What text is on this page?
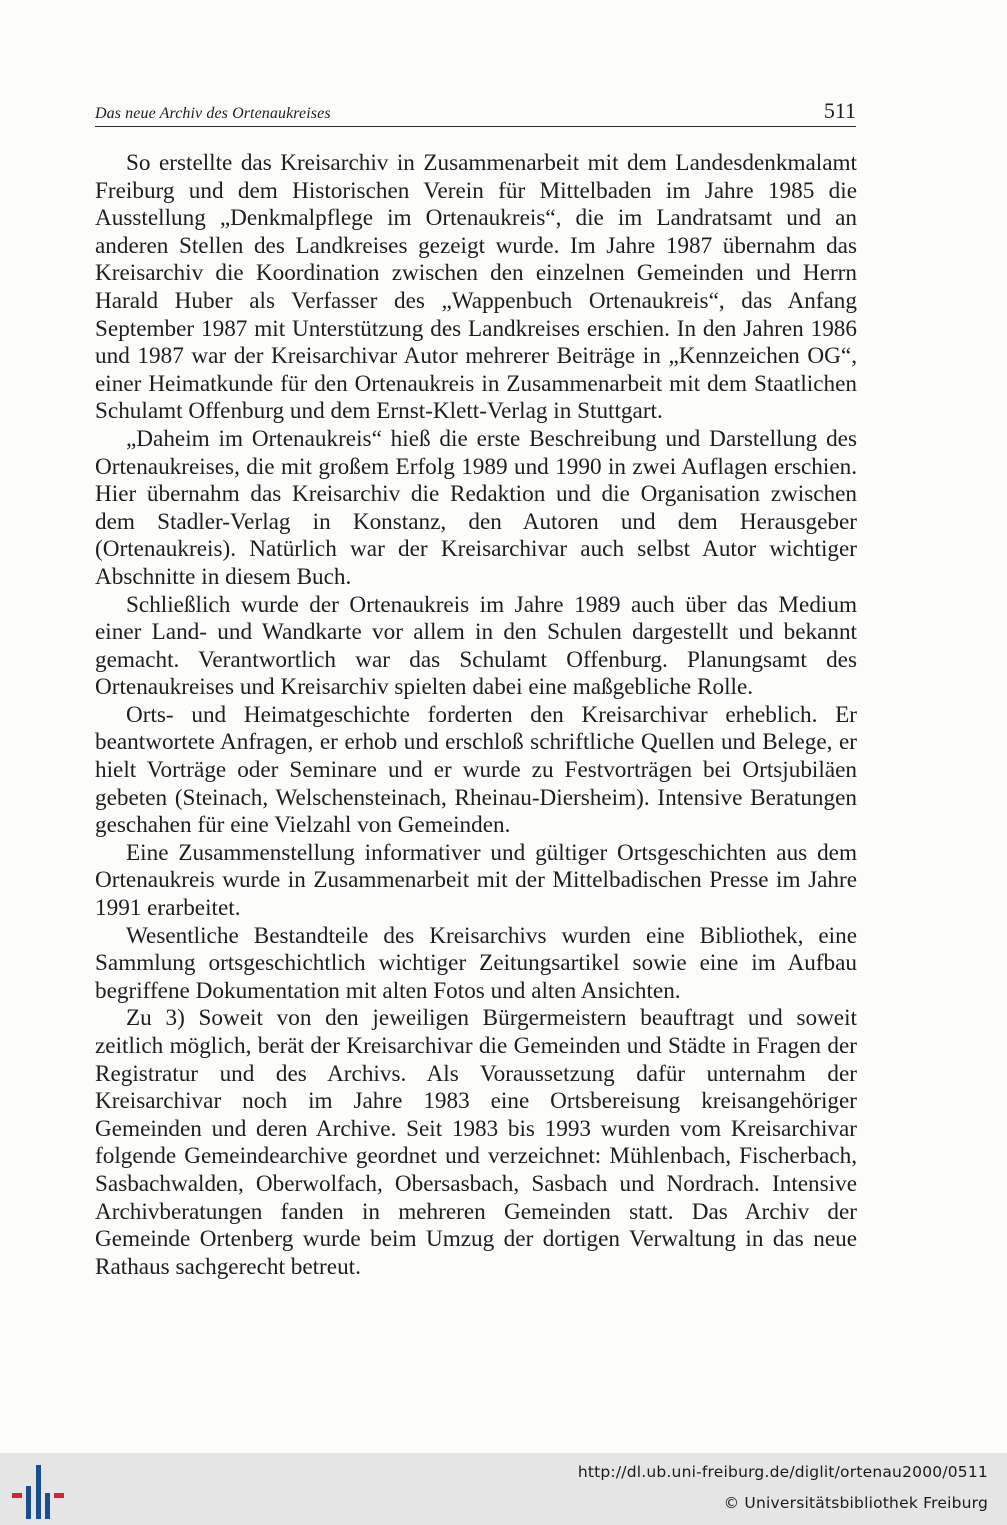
Das neue Archiv des Ortenaukreises	511

So erstellte das Kreisarchiv in Zusammenarbeit mit dem Landesdenkmalamt Freiburg und dem Historischen Verein für Mittelbaden im Jahre 1985 die Ausstellung „Denkmalpflege im Ortenaukreis“, die im Landratsamt und an anderen Stellen des Landkreises gezeigt wurde. Im Jahre 1987 übernahm das Kreisarchiv die Koordination zwischen den einzelnen Gemeinden und Herrn Harald Huber als Verfasser des „Wappenbuch Ortenaukreis“, das Anfang September 1987 mit Unterstützung des Landkreises erschien. In den Jahren 1986 und 1987 war der Kreisarchivar Autor mehrerer Beiträge in „Kennzeichen OG“, einer Heimatkunde für den Ortenaukreis in Zusammenarbeit mit dem Staatlichen Schulamt Offenburg und dem Ernst-Klett-Verlag in Stuttgart.

„Daheim im Ortenaukreis“ hieß die erste Beschreibung und Darstellung des Ortenaukreises, die mit großem Erfolg 1989 und 1990 in zwei Auflagen erschien. Hier übernahm das Kreisarchiv die Redaktion und die Organisation zwischen dem Stadler-Verlag in Konstanz, den Autoren und dem Herausgeber (Ortenaukreis). Natürlich war der Kreisarchivar auch selbst Autor wichtiger Abschnitte in diesem Buch.

Schließlich wurde der Ortenaukreis im Jahre 1989 auch über das Medium einer Land- und Wandkarte vor allem in den Schulen dargestellt und bekannt gemacht. Verantwortlich war das Schulamt Offenburg. Planungsamt des Ortenaukreises und Kreisarchiv spielten dabei eine maßgebliche Rolle.

Orts- und Heimatgeschichte forderten den Kreisarchivar erheblich. Er beantwortete Anfragen, er erhob und erschloß schriftliche Quellen und Belege, er hielt Vorträge oder Seminare und er wurde zu Festvorträgen bei Ortsjubiläen gebeten (Steinach, Welschensteinach, Rheinau-Diersheim). Intensive Beratungen geschahen für eine Vielzahl von Gemeinden.

Eine Zusammenstellung informativer und gültiger Ortsgeschichten aus dem Ortenaukreis wurde in Zusammenarbeit mit der Mittelbadischen Presse im Jahre 1991 erarbeitet.

Wesentliche Bestandteile des Kreisarchivs wurden eine Bibliothek, eine Sammlung ortsgeschichtlich wichtiger Zeitungsartikel sowie eine im Aufbau begriffene Dokumentation mit alten Fotos und alten Ansichten.

Zu 3) Soweit von den jeweiligen Bürgermeistern beauftragt und soweit zeitlich möglich, berät der Kreisarchivar die Gemeinden und Städte in Fragen der Registratur und des Archivs. Als Voraussetzung dafür unternahm der Kreisarchivar noch im Jahre 1983 eine Ortsbereisung kreisangehöriger Gemeinden und deren Archive. Seit 1983 bis 1993 wurden vom Kreisarchivar folgende Gemeindearchive geordnet und verzeichnet: Mühlenbach, Fischerbach, Sasbachwalden, Oberwolfach, Obersasbach, Sasbach und Nordrach. Intensive Archivberatungen fanden in mehreren Gemeinden statt. Das Archiv der Gemeinde Ortenberg wurde beim Umzug der dortigen Verwaltung in das neue Rathaus sachgerecht betreut.

http://dl.ub.uni-freiburg.de/diglit/ortenau2000/0511
© Universitätsbibliothek Freiburg
